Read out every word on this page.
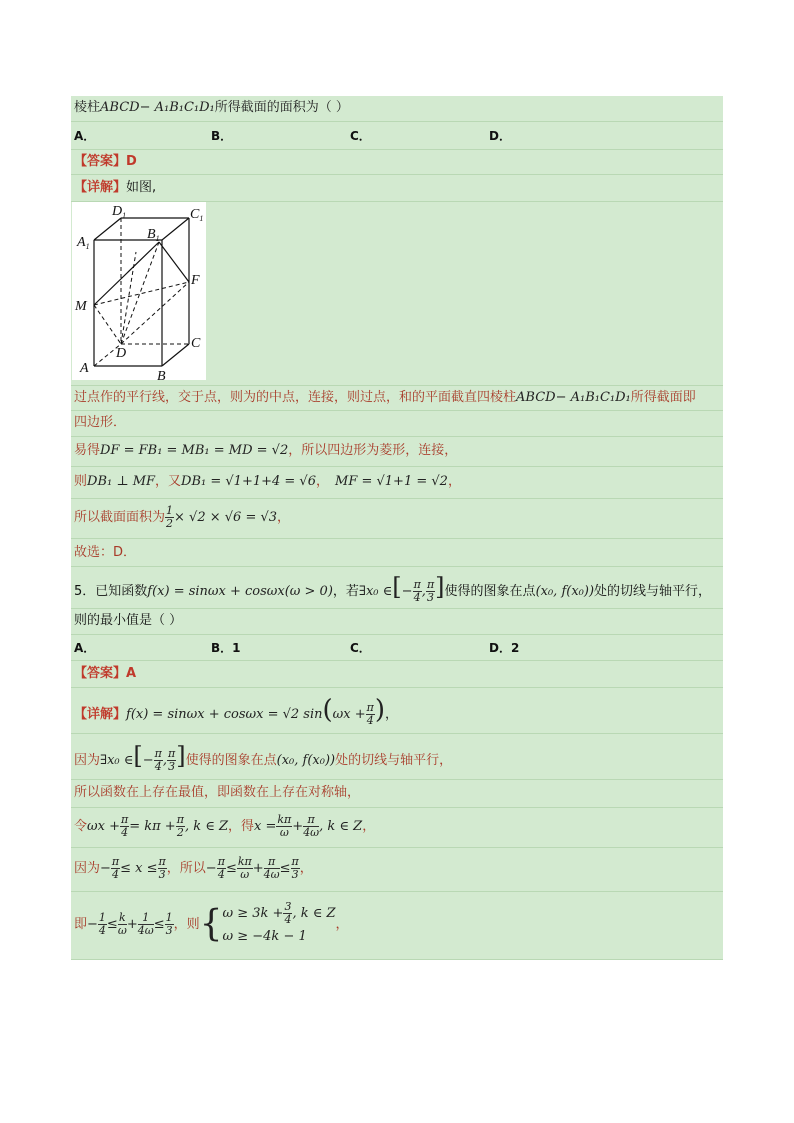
棱柱ABCD− A₁B₁C₁D₁所得截面的面积为（ ）
A．	B．	C．	D．
【答案】D
【详解】如图,
$D_1$	$C_1$
$A_1$
$B_1$
F
M
D
C
A
B
过点作的平行线，交于点，则为的中点，连接，则过点，和的平面截直四棱柱ABCD− A₁B₁C₁D₁所得截面即
四边形．
易得DF = FB₁ = MB₁ = MD = √2，所以四边形为菱形，连接，
则DB₁ ⊥ MF，又DB₁ = √1+1+4 = √6， MF = √1+1 = √2，
所以截面面积为 $\frac{1}{2} \times √2 \times √6 = √3$，
故选：D．
5．已知函数f(x) = sinωx + cosωx(ω > 0)，若∃x₀ ∈[− $\frac{\pi}{4}$ , $\frac{\pi}{3}$ ]使得的图象在点(x₀, f(x₀))处的切线与轴平行，
则的最小值是（ ）
A．	B．1	C．	D．2
【答案】A
【详解】f(x) = sinωx + cosωx = √2 $\sin(\omega x + \frac{\pi}{4}$ )，
因为∃x₀ ∈[− $\frac{\pi}{4}$ , $\frac{\pi}{3}$ ]使得的图象在点(x₀, f(x₀))处的切线与轴平行，
所以函数在上存在最值，即函数在上存在对称轴，
令$\omega x + \frac{\pi}{4} = k\pi + \frac{\pi}{2}$ , k ∈ Z，得$x = \frac{k\pi}{\omega} + \frac{\pi}{4\omega}$ , k ∈ Z，
因为− $\frac{\pi}{4} \le x \le \frac{\pi}{3}$ ，所以− $\frac{\pi}{4} \le \frac{k\pi}{\omega} + \frac{\pi}{4\omega} \le \frac{\pi}{3}$ ，
即− $\frac{1}{4} \le \frac{k}{\omega} + \frac{1}{4\omega} \le \frac{1}{3}$ ，则{ $\omega \ge 3k + \frac{3}{4}$ , k ∈ Z
ω ≥ −4k − 1
，
